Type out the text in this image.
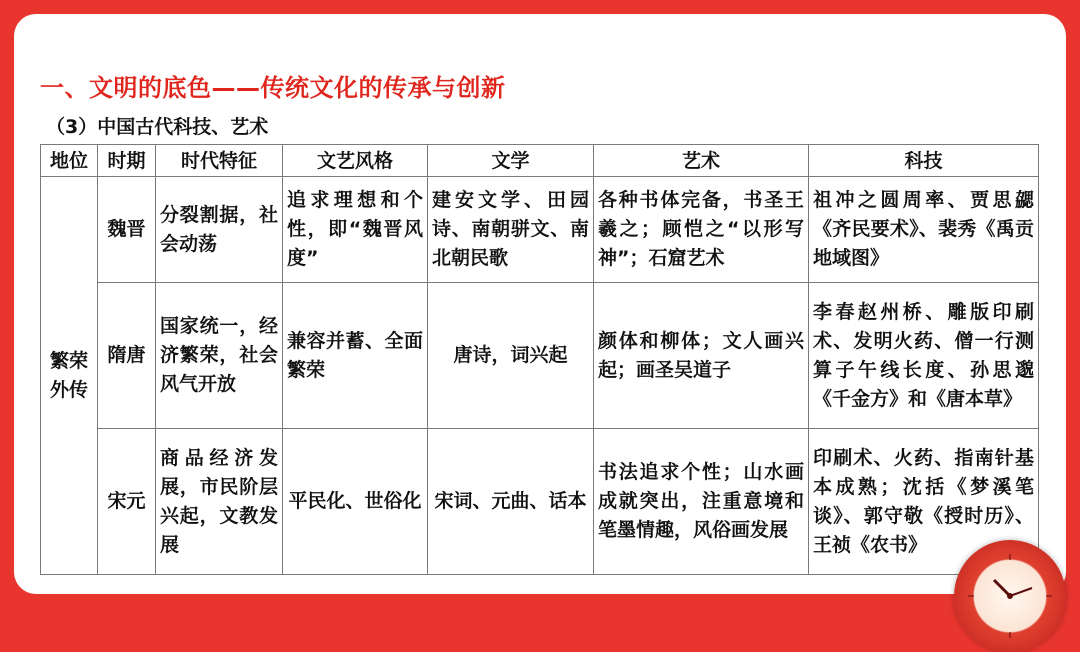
一、文明的底色——传统文化的传承与创新
（3）中国古代科技、艺术
地位	时期	时代特征	文艺风格	文学	艺术	科技
繁荣外传	魏晋	分裂割据，社会动荡	追求理想和个性，即“魏晋风度”	建安文学、田园诗、南朝骈文、南北朝民歌	各种书体完备，书圣王羲之；顾恺之“以形写神”；石窟艺术	祖冲之圆周率、贾思勰《齐民要术》、裴秀《禹贡地域图》
	隋唐	国家统一，经济繁荣，社会风气开放	兼容并蓄、全面繁荣	唐诗，词兴起	颜体和柳体；文人画兴起；画圣吴道子	李春赵州桥、雕版印刷术、发明火药、僧一行测算子午线长度、孙思邈《千金方》和《唐本草》
	宋元	商品经济发展，市民阶层兴起，文教发展	平民化、世俗化	宋词、元曲、话本	书法追求个性；山水画成就突出，注重意境和笔墨情趣，风俗画发展	印刷术、火药、指南针基本成熟；沈括《梦溪笔谈》、郭守敬《授时历》、王祯《农书》
